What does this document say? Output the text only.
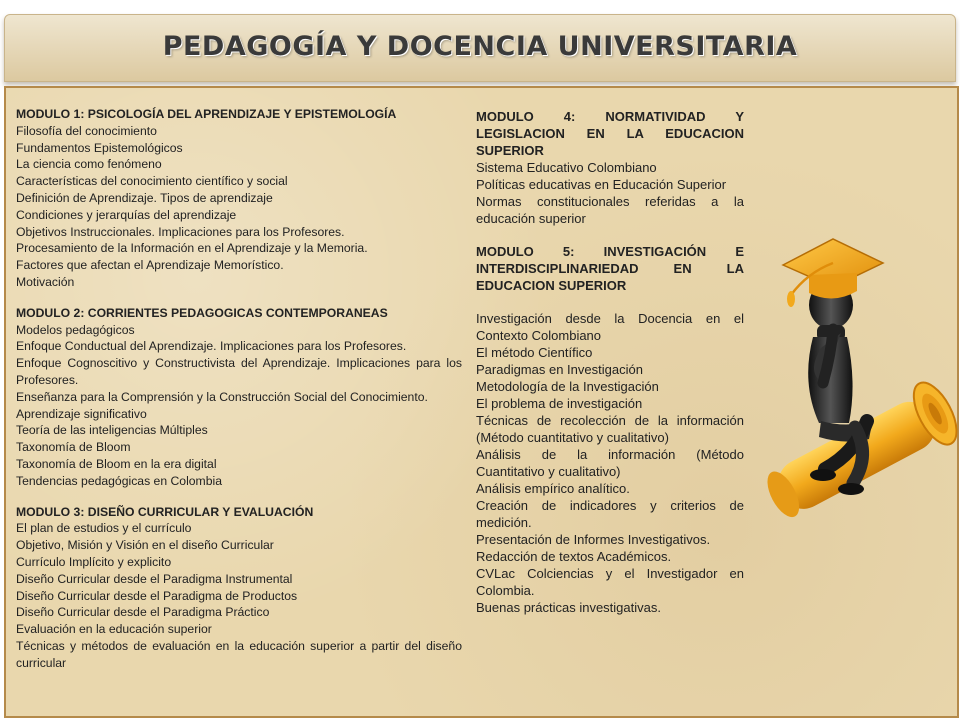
PEDAGOGÍA Y DOCENCIA UNIVERSITARIA
MODULO 1: PSICOLOGÍA DEL APRENDIZAJE Y EPISTEMOLOGÍA
Filosofía del conocimiento
Fundamentos Epistemológicos
La ciencia como fenómeno
Características del conocimiento científico y social
Definición de Aprendizaje. Tipos de aprendizaje
Condiciones y jerarquías del aprendizaje
Objetivos Instruccionales. Implicaciones para los Profesores.
Procesamiento de la Información en el Aprendizaje y la Memoria.
Factores que afectan el Aprendizaje Memorístico.
Motivación
MODULO 2: CORRIENTES PEDAGOGICAS CONTEMPORANEAS
Modelos pedagógicos
Enfoque Conductual del Aprendizaje. Implicaciones para los Profesores.
Enfoque Cognoscitivo y Constructivista del Aprendizaje. Implicaciones para los Profesores.
Enseñanza para la Comprensión y la Construcción Social del Conocimiento.
Aprendizaje significativo
Teoría de las inteligencias Múltiples
Taxonomía de Bloom
Taxonomía de Bloom en la era digital
Tendencias pedagógicas en Colombia
MODULO 3: DISEÑO CURRICULAR Y EVALUACIÓN
El plan de estudios y el currículo
Objetivo, Misión y Visión en el diseño Curricular
Currículo Implícito y explicito
Diseño Curricular desde el Paradigma Instrumental
Diseño Curricular desde el Paradigma de Productos
Diseño Curricular desde el Paradigma Práctico
Evaluación en la educación superior
Técnicas y métodos de evaluación en la educación superior a partir del diseño curricular
MODULO 4: NORMATIVIDAD Y LEGISLACION EN LA EDUCACION SUPERIOR
Sistema Educativo Colombiano
Políticas educativas en Educación Superior
Normas constitucionales referidas a la educación superior
MODULO 5: INVESTIGACIÓN E INTERDISCIPLINARIEDAD EN LA EDUCACION SUPERIOR
Investigación desde la Docencia en el Contexto Colombiano
El método Científico
Paradigmas en Investigación
Metodología de la Investigación
El problema de investigación
Técnicas de recolección de la información (Método cuantitativo y cualitativo)
Análisis de la información (Método Cuantitativo y cualitativo)
Análisis empírico analítico.
Creación de indicadores y criterios de medición.
Presentación de Informes Investigativos.
Redacción de textos Académicos.
CVLac Colciencias y el Investigador en Colombia.
Buenas prácticas investigativas.
